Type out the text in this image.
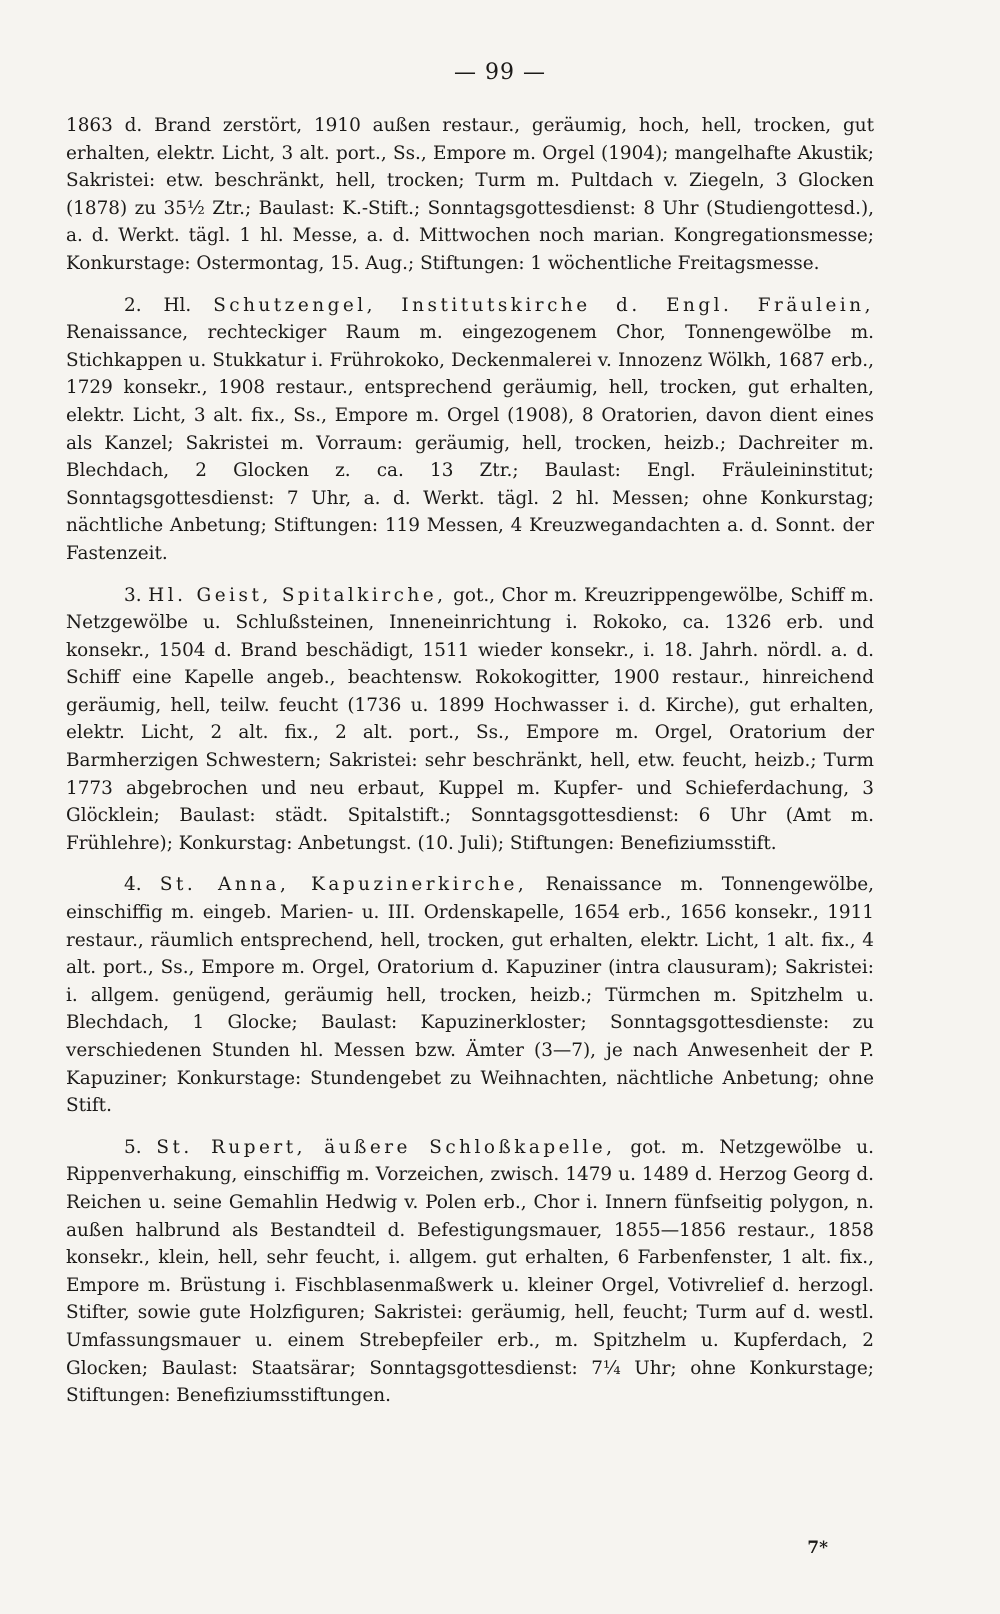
— 99 —

1863 d. Brand zerstört, 1910 außen restaur., geräumig, hoch, hell, trocken, gut erhalten, elektr. Licht, 3 alt. port., Ss., Empore m. Orgel (1904); mangelhafte Akustik; Sakristei: etw. beschränkt, hell, trocken; Turm m. Pultdach v. Ziegeln, 3 Glocken (1878) zu 35½ Ztr.; Baulast: K.-Stift.; Sonntagsgottesdienst: 8 Uhr (Studiengottesd.), a. d. Werkt. tägl. 1 hl. Messe, a. d. Mittwochen noch marian. Kongregationsmesse; Konkurstage: Ostermontag, 15. Aug.; Stiftungen: 1 wöchentliche Freitagsmesse.

2. Hl. Schutzengel, Institutskirche d. Engl. Fräulein, Renaissance, rechteckiger Raum m. eingezogenem Chor, Tonnengewölbe m. Stichkappen u. Stukkatur i. Frührokoko, Deckenmalerei v. Innozenz Wölkh, 1687 erb., 1729 konsekr., 1908 restaur., entsprechend geräumig, hell, trocken, gut erhalten, elektr. Licht, 3 alt. fix., Ss., Empore m. Orgel (1908), 8 Oratorien, davon dient eines als Kanzel; Sakristei m. Vorraum: geräumig, hell, trocken, heizb.; Dachreiter m. Blechdach, 2 Glocken z. ca. 13 Ztr.; Baulast: Engl. Fräuleininstitut; Sonntagsgottesdienst: 7 Uhr, a. d. Werkt. tägl. 2 hl. Messen; ohne Konkurstag; nächtliche Anbetung; Stiftungen: 119 Messen, 4 Kreuzwegandachten a. d. Sonnt. der Fastenzeit.

3. Hl. Geist, Spitalkirche, got., Chor m. Kreuzrippengewölbe, Schiff m. Netzgewölbe u. Schlußsteinen, Inneneinrichtung i. Rokoko, ca. 1326 erb. und konsekr., 1504 d. Brand beschädigt, 1511 wieder konsekr., i. 18. Jahrh. nördl. a. d. Schiff eine Kapelle angeb., beachtensw. Rokokogitter, 1900 restaur., hinreichend geräumig, hell, teilw. feucht (1736 u. 1899 Hochwasser i. d. Kirche), gut erhalten, elektr. Licht, 2 alt. fix., 2 alt. port., Ss., Empore m. Orgel, Oratorium der Barmherzigen Schwestern; Sakristei: sehr beschränkt, hell, etw. feucht, heizb.; Turm 1773 abgebrochen und neu erbaut, Kuppel m. Kupfer- und Schieferdachung, 3 Glöcklein; Baulast: städt. Spitalstift.; Sonntagsgottesdienst: 6 Uhr (Amt m. Frühlehre); Konkurstag: Anbetungst. (10. Juli); Stiftungen: Benefiziumsstift.

4. St. Anna, Kapuzinerkirche, Renaissance m. Tonnengewölbe, einschiffig m. eingeb. Marien- u. III. Ordenskapelle, 1654 erb., 1656 konsekr., 1911 restaur., räumlich entsprechend, hell, trocken, gut erhalten, elektr. Licht, 1 alt. fix., 4 alt. port., Ss., Empore m. Orgel, Oratorium d. Kapuziner (intra clausuram); Sakristei: i. allgem. genügend, geräumig hell, trocken, heizb.; Türmchen m. Spitzhelm u. Blechdach, 1 Glocke; Baulast: Kapuzinerkloster; Sonntagsgottesdienste: zu verschiedenen Stunden hl. Messen bzw. Ämter (3—7), je nach Anwesenheit der P. Kapuziner; Konkurstage: Stundengebet zu Weihnachten, nächtliche Anbetung; ohne Stift.

5. St. Rupert, äußere Schloßkapelle, got. m. Netzgewölbe u. Rippenverhakung, einschiffig m. Vorzeichen, zwisch. 1479 u. 1489 d. Herzog Georg d. Reichen u. seine Gemahlin Hedwig v. Polen erb., Chor i. Innern fünfseitig polygon, n. außen halbrund als Bestandteil d. Befestigungsmauer, 1855—1856 restaur., 1858 konsekr., klein, hell, sehr feucht, i. allgem. gut erhalten, 6 Farbenfenster, 1 alt. fix., Empore m. Brüstung i. Fischblasenmaßwerk u. kleiner Orgel, Votivrelief d. herzogl. Stifter, sowie gute Holzfiguren; Sakristei: geräumig, hell, feucht; Turm auf d. westl. Umfassungsmauer u. einem Strebepfeiler erb., m. Spitzhelm u. Kupferdach, 2 Glocken; Baulast: Staatsärar; Sonntagsgottesdienst: 7¼ Uhr; ohne Konkurstage; Stiftungen: Benefiziumsstiftungen.

7*
